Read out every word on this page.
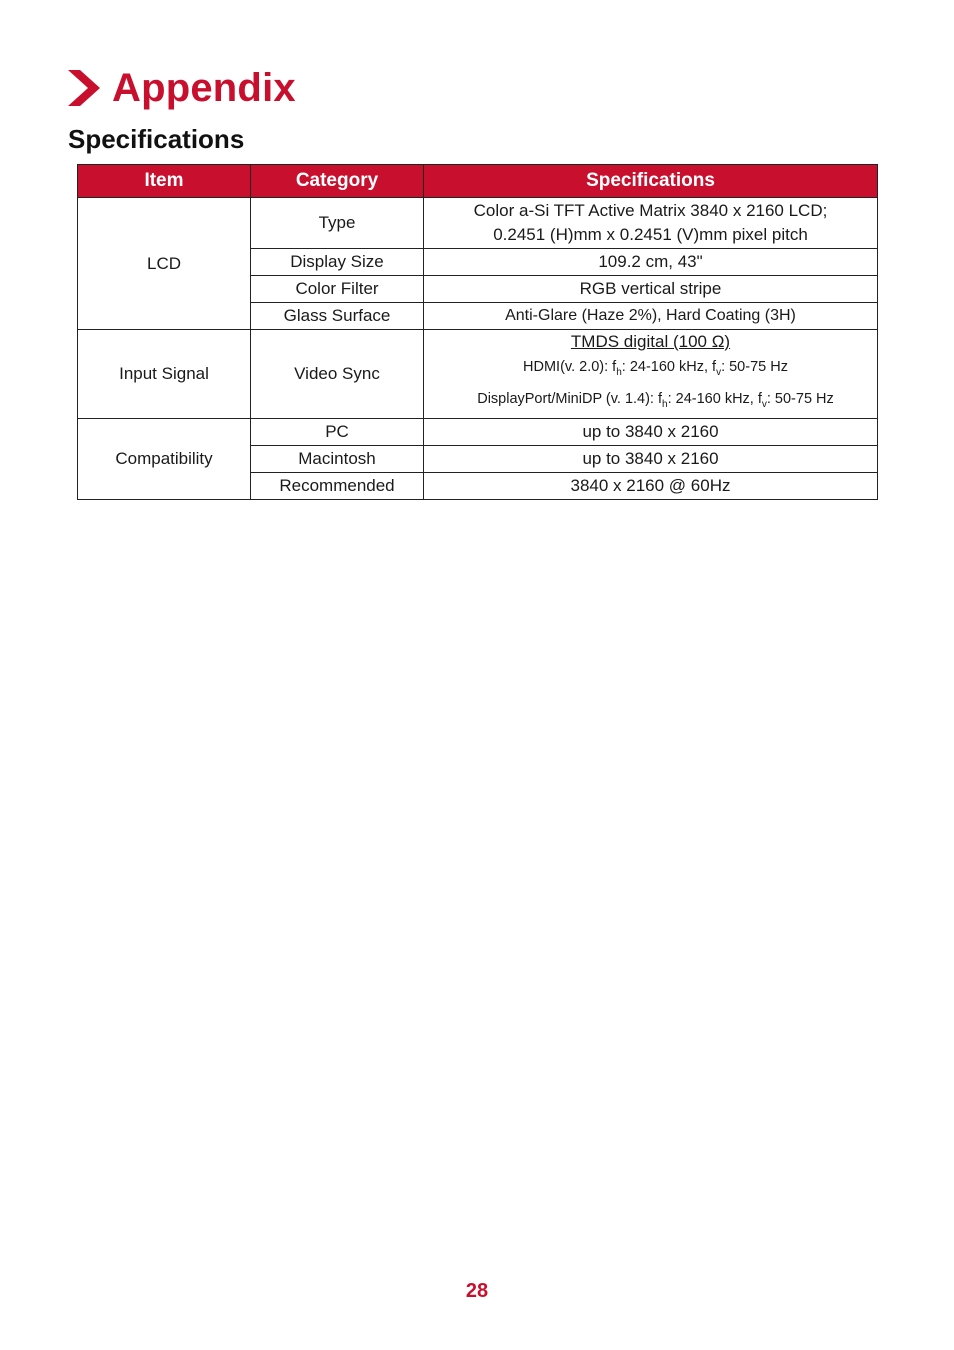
Appendix
Specifications
Item	Category	Specifications
LCD	Type	Color a-Si TFT Active Matrix 3840 x 2160 LCD;
0.2451 (H)mm x 0.2451 (V)mm pixel pitch

	Display Size	109.2 cm, 43"
	Color Filter	RGB vertical stripe
	Glass Surface	Anti-Glare (Haze 2%), Hard Coating (3H)
Input Signal	Video Sync	TMDS digital (100 Ω)
HDMI(v. 2.0): $f_h$: 24-160 kHz, $f_v$: 50-75 Hz
DisplayPort/MiniDP (v. 1.4): $f_h$: 24-160 kHz, $f_v$: 50-75 Hz

Compatibility	PC	up to 3840 x 2160
	Macintosh	up to 3840 x 2160
	Recommended	3840 x 2160 @ 60Hz
28
